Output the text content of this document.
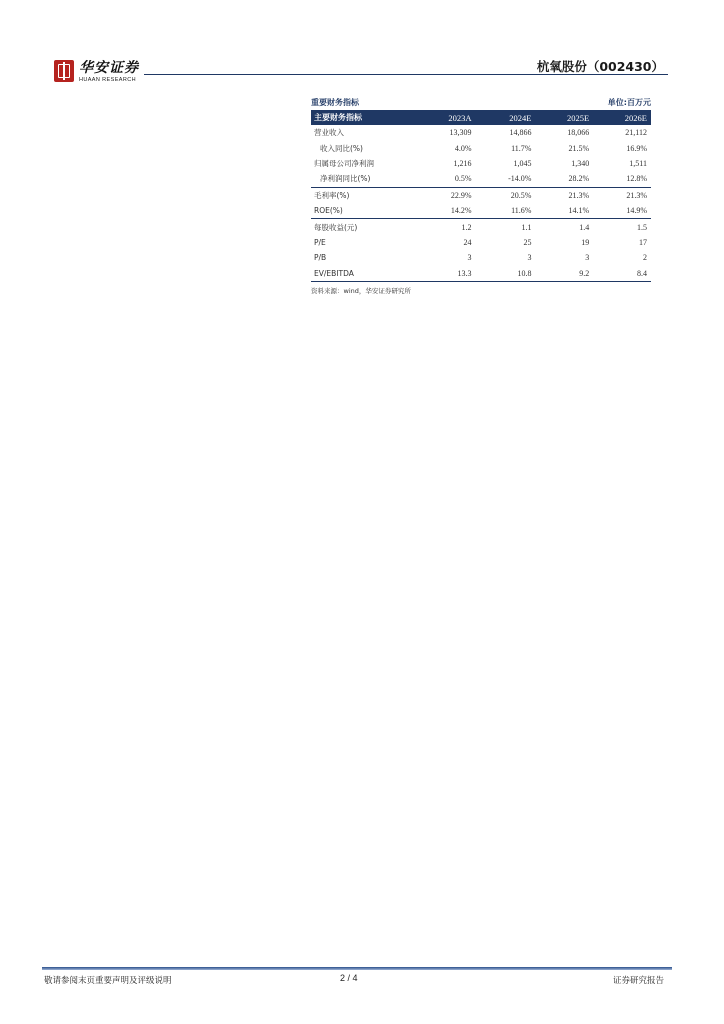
华安证券
HUAAN RESEARCH
杭氧股份（002430）
重要财务指标	单位:百万元
主要财务指标	2023A	2024E	2025E	2026E
营业收入	13,309	14,866	18,066	21,112
收入同比(%)	4.0%	11.7%	21.5%	16.9%
归属母公司净利润	1,216	1,045	1,340	1,511
净利润同比(%)	0.5%	-14.0%	28.2%	12.8%
毛利率(%)	22.9%	20.5%	21.3%	21.3%
ROE(%)	14.2%	11.6%	14.1%	14.9%
每股收益(元)	1.2	1.1	1.4	1.5
P/E	24	25	19	17
P/B	3	3	3	2
EV/EBITDA	13.3	10.8	9.2	8.4
资料来源：wind，华安证券研究所
敬请参阅末页重要声明及评级说明	2 / 4	证券研究报告
